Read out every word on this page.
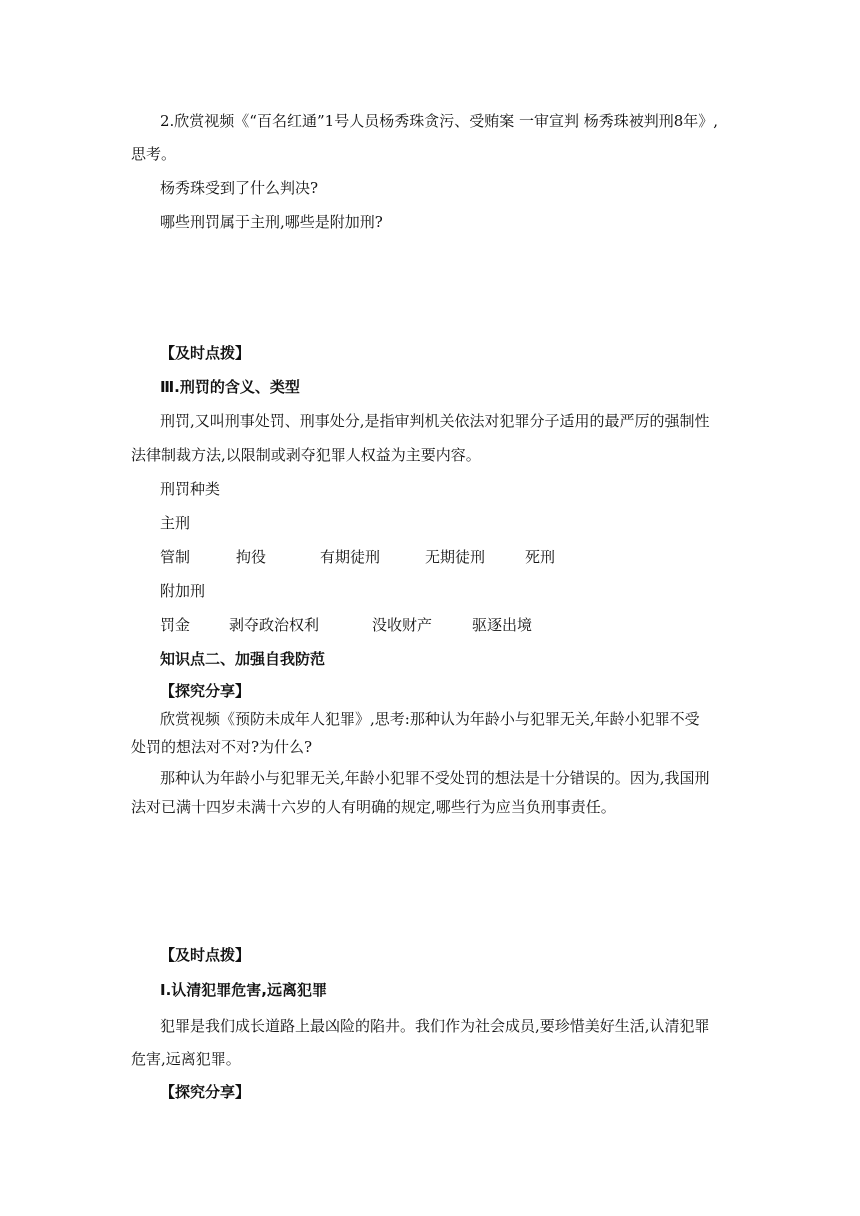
2.欣赏视频《“百名红通”1号人员杨秀珠贪污、受贿案 一审宣判 杨秀珠被判刑8年》,
思考。
杨秀珠受到了什么判决?
哪些刑罚属于主刑,哪些是附加刑?
【及时点拨】
Ⅲ.刑罚的含义、类型
刑罚,又叫刑事处罚、刑事处分,是指审判机关依法对犯罪分子适用的最严厉的强制性
法律制裁方法,以限制或剥夺犯罪人权益为主要内容。
刑罚种类
主刑
管制	拘役	有期徒刑	无期徒刑	死刑
附加刑
罚金	剥夺政治权利	没收财产	驱逐出境
知识点二、加强自我防范
【探究分享】
欣赏视频《预防未成年人犯罪》,思考:那种认为年龄小与犯罪无关,年龄小犯罪不受
处罚的想法对不对?为什么?
那种认为年龄小与犯罪无关,年龄小犯罪不受处罚的想法是十分错误的。因为,我国刑
法对已满十四岁未满十六岁的人有明确的规定,哪些行为应当负刑事责任。
【及时点拨】
Ⅰ.认清犯罪危害,远离犯罪
犯罪是我们成长道路上最凶险的陷井。我们作为社会成员,要珍惜美好生活,认清犯罪
危害,远离犯罪。
【探究分享】
